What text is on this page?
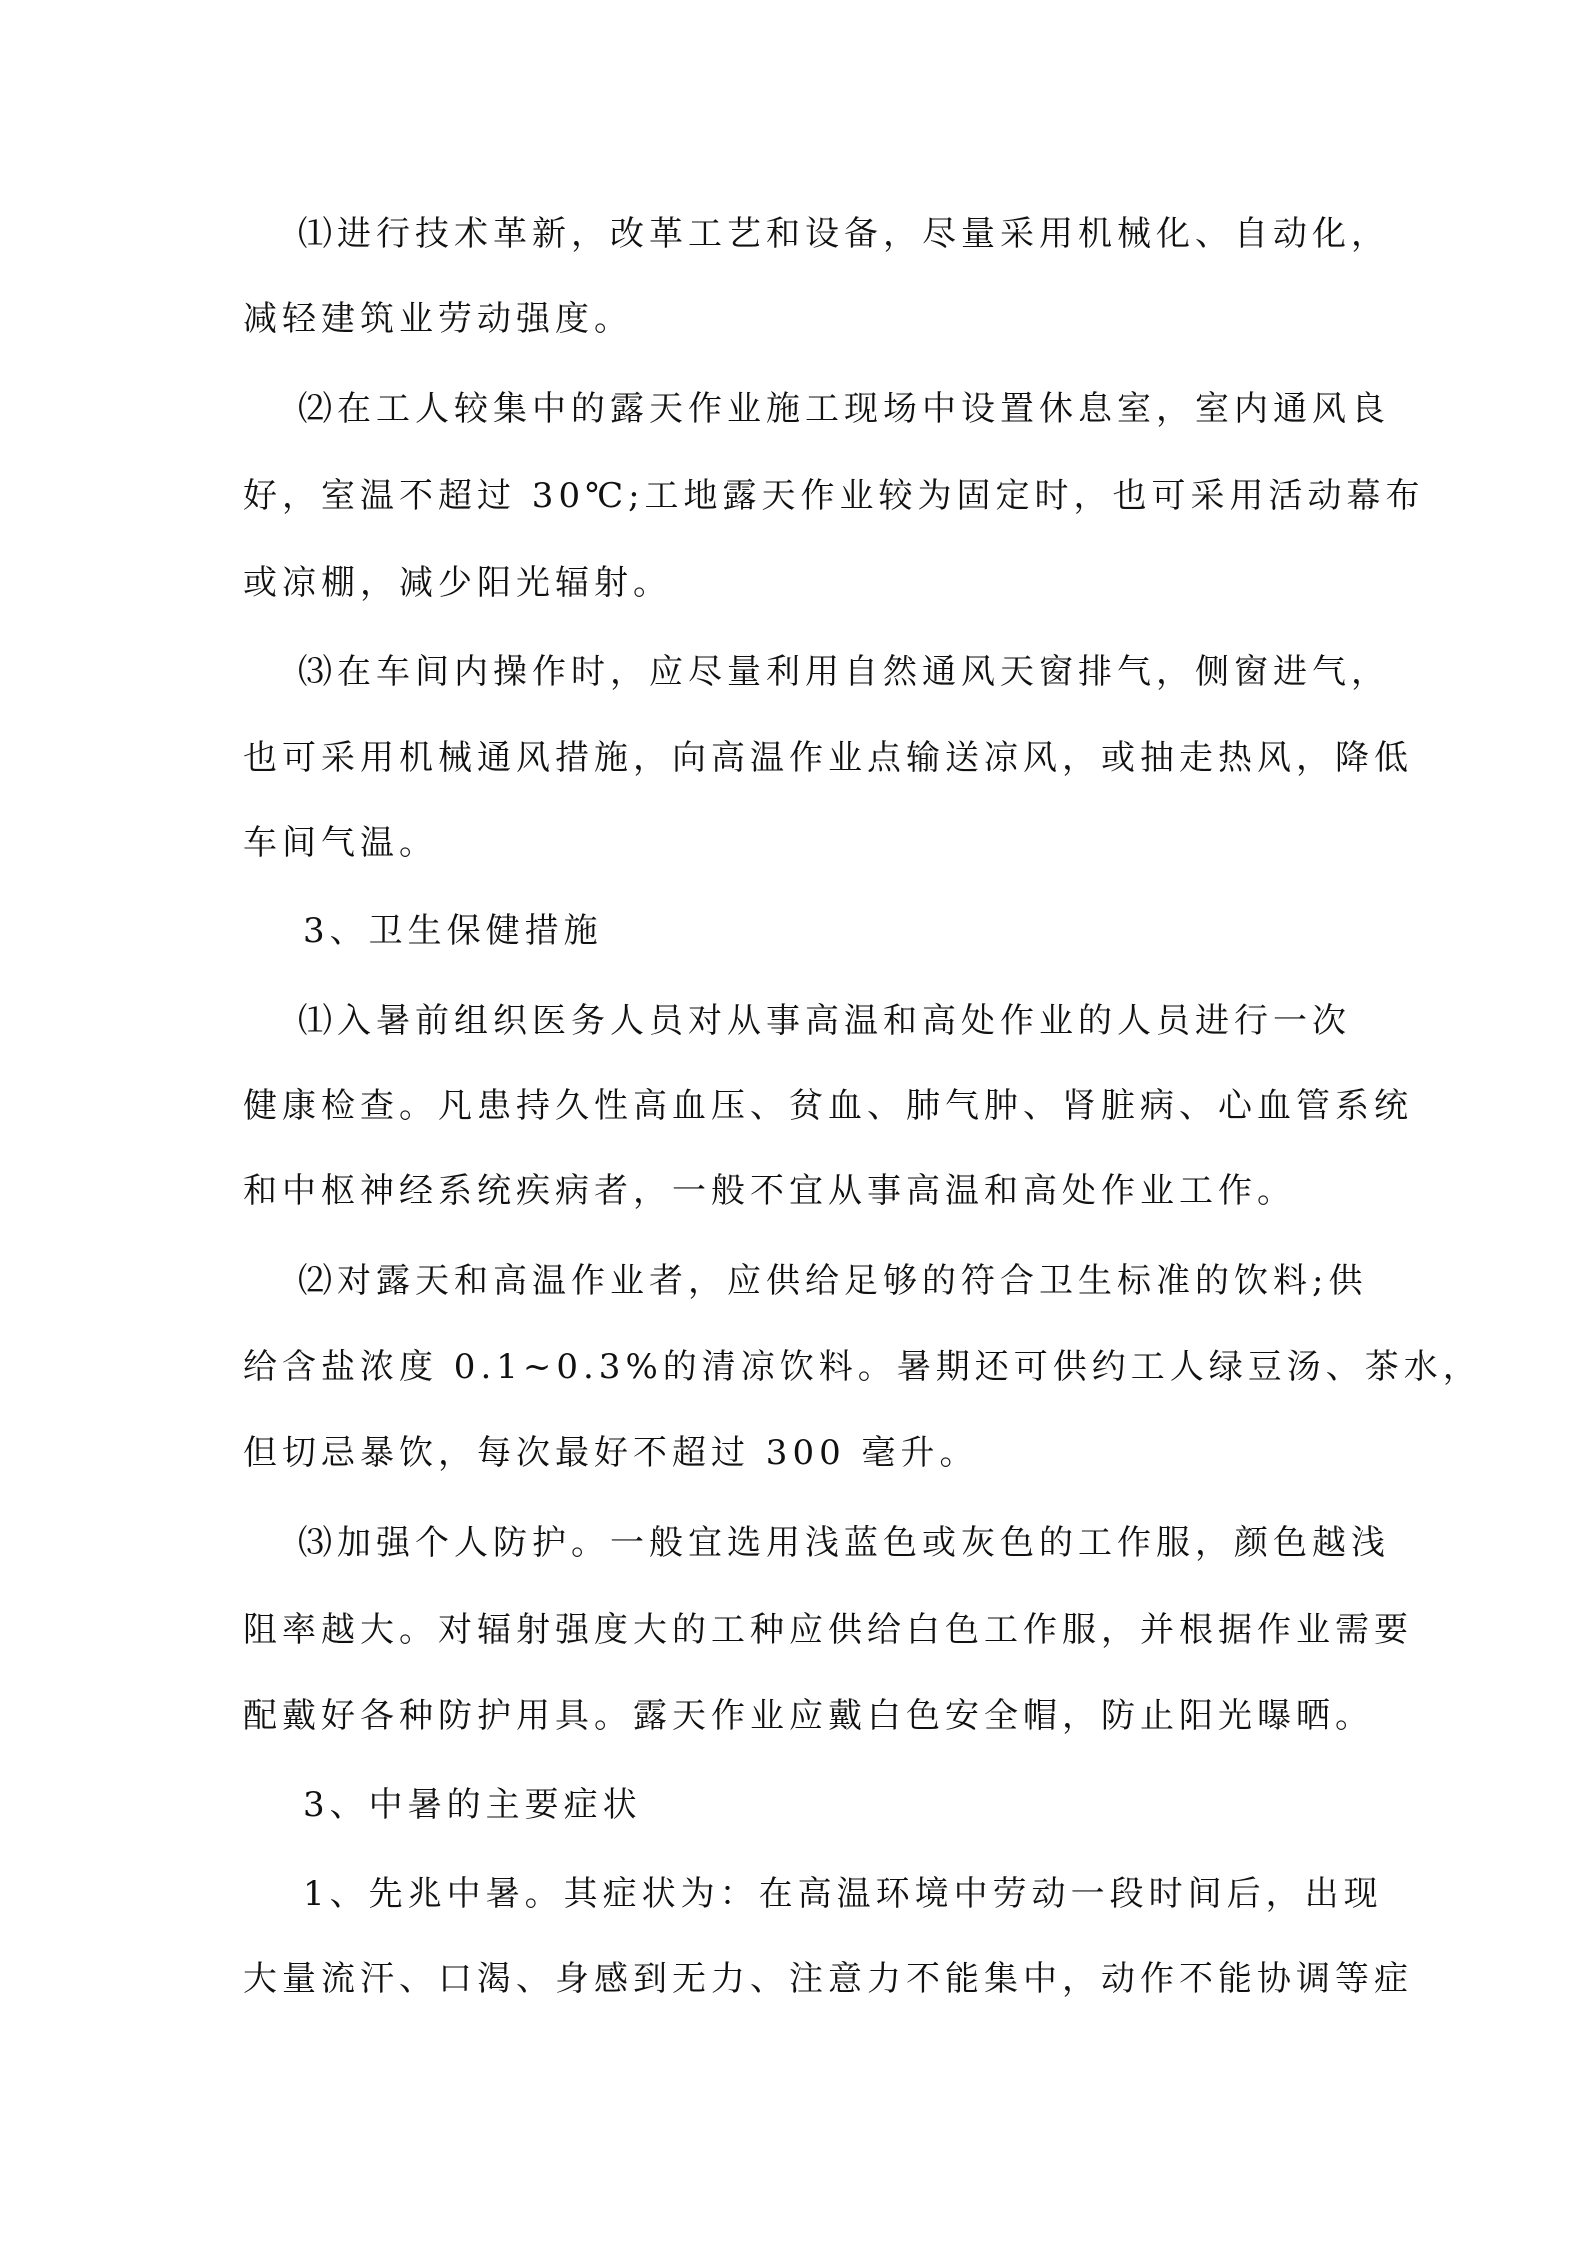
⑴进行技术革新，改革工艺和设备，尽量采用机械化、自动化，
减轻建筑业劳动强度。
⑵在工人较集中的露天作业施工现场中设置休息室，室内通风良
好，室温不超过 30℃;工地露天作业较为固定时，也可采用活动幕布
或凉棚，减少阳光辐射。
⑶在车间内操作时，应尽量利用自然通风天窗排气，侧窗进气，
也可采用机械通风措施，向高温作业点输送凉风，或抽走热风，降低
车间气温。
3、卫生保健措施
⑴入暑前组织医务人员对从事高温和高处作业的人员进行一次
健康检查。凡患持久性高血压、贫血、肺气肿、肾脏病、心血管系统
和中枢神经系统疾病者，一般不宜从事高温和高处作业工作。
⑵对露天和高温作业者，应供给足够的符合卫生标准的饮料;供
给含盐浓度 0.1~0.3%的清凉饮料。暑期还可供约工人绿豆汤、茶水，
但切忌暴饮，每次最好不超过 300 毫升。
⑶加强个人防护。一般宜选用浅蓝色或灰色的工作服，颜色越浅
阻率越大。对辐射强度大的工种应供给白色工作服，并根据作业需要
配戴好各种防护用具。露天作业应戴白色安全帽，防止阳光曝晒。
3、中暑的主要症状
1、先兆中暑。其症状为：在高温环境中劳动一段时间后，出现
大量流汗、口渴、身感到无力、注意力不能集中，动作不能协调等症
